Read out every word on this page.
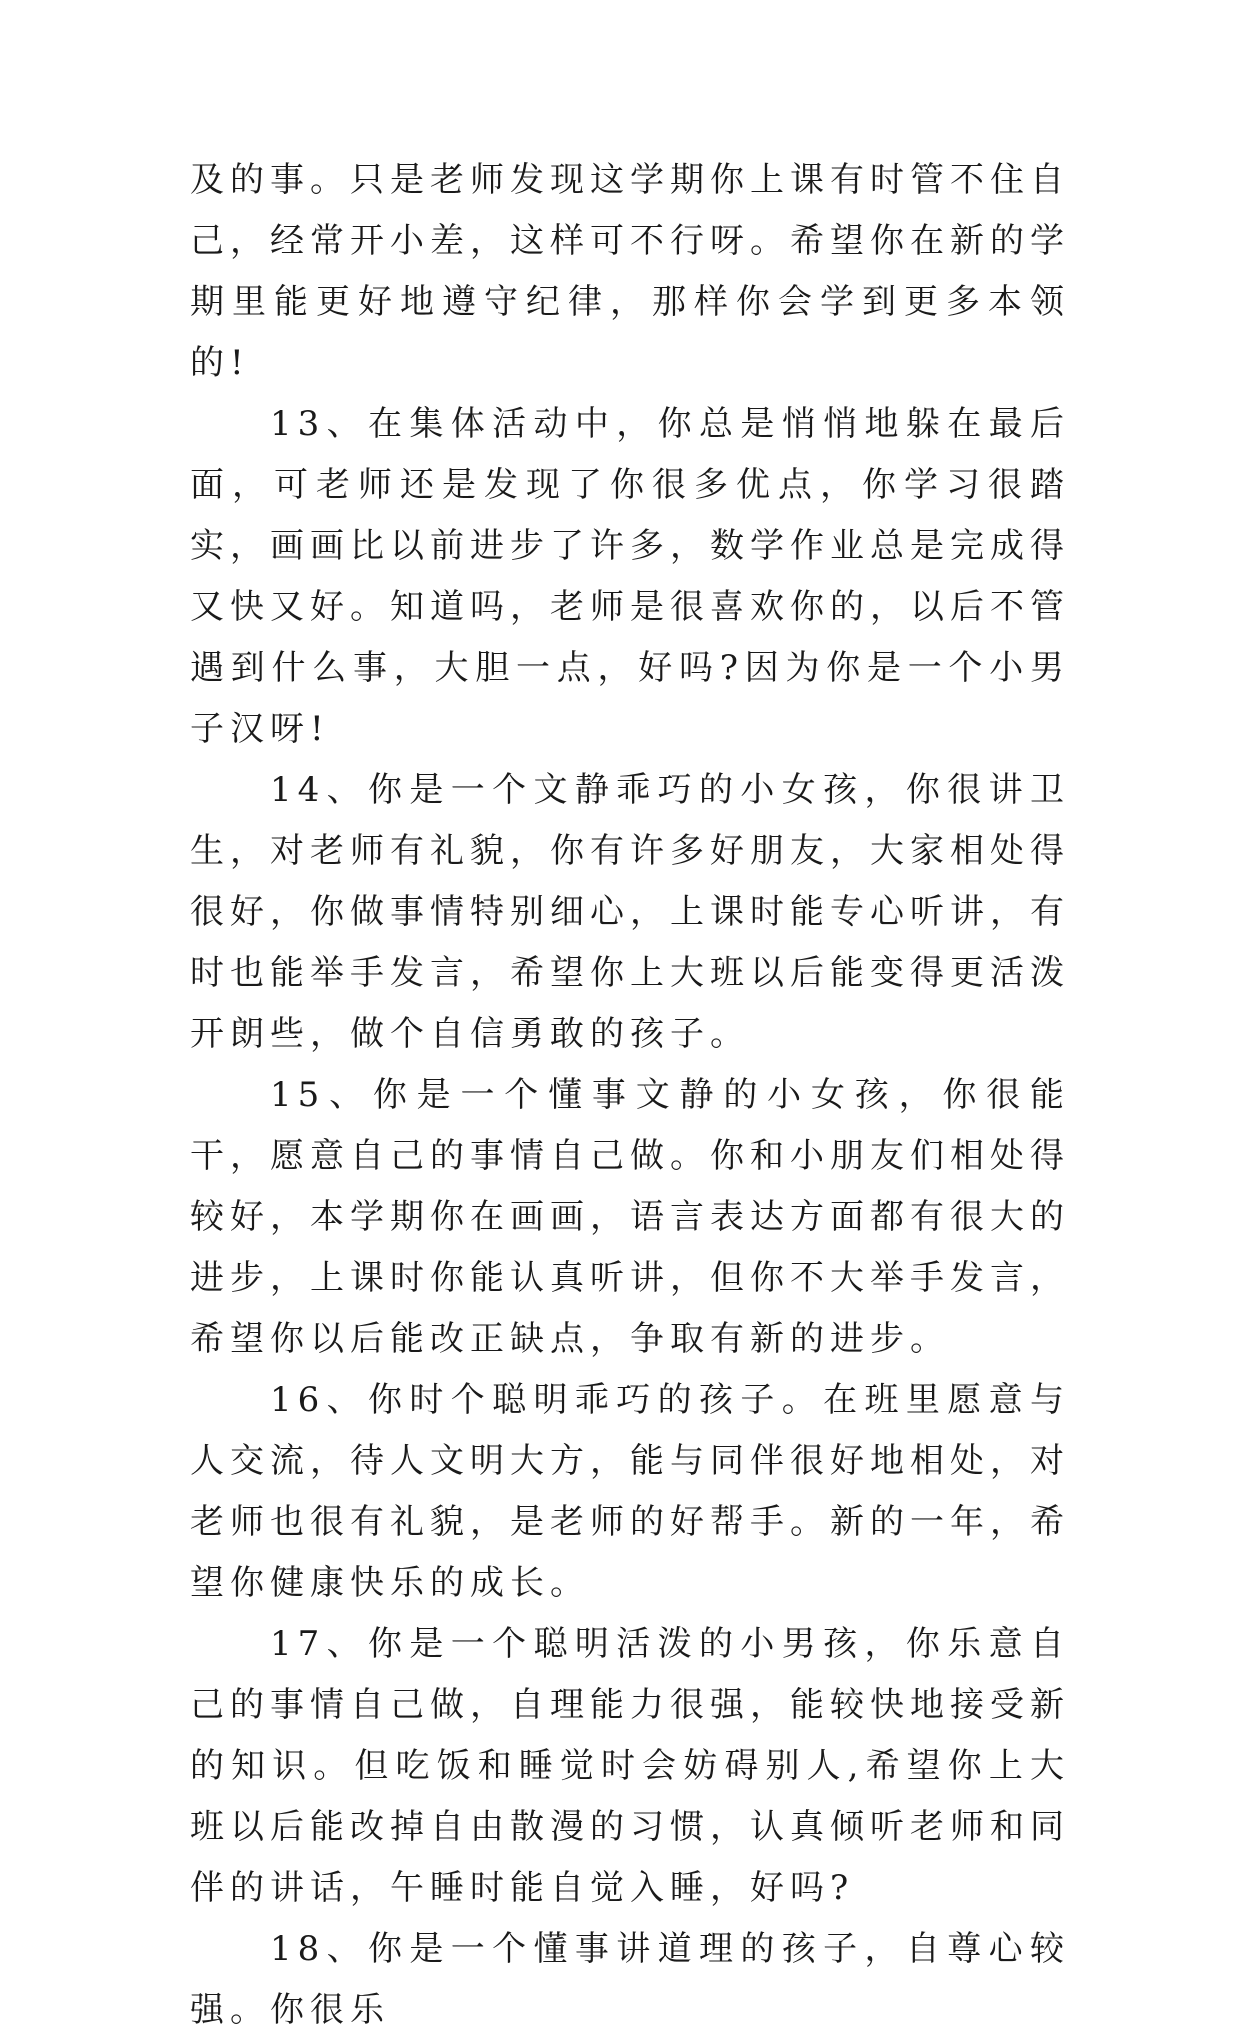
及的事。只是老师发现这学期你上课有时管不住自己，经常开小差，这样可不行呀。希望你在新的学期里能更好地遵守纪律，那样你会学到更多本领的!

13、在集体活动中，你总是悄悄地躲在最后面，可老师还是发现了你很多优点，你学习很踏实，画画比以前进步了许多，数学作业总是完成得又快又好。知道吗，老师是很喜欢你的，以后不管遇到什么事，大胆一点，好吗?因为你是一个小男子汉呀!

14、你是一个文静乖巧的小女孩，你很讲卫生，对老师有礼貌，你有许多好朋友，大家相处得很好，你做事情特别细心，上课时能专心听讲，有时也能举手发言，希望你上大班以后能变得更活泼开朗些，做个自信勇敢的孩子。

15、你是一个懂事文静的小女孩，你很能干，愿意自己的事情自己做。你和小朋友们相处得较好，本学期你在画画，语言表达方面都有很大的进步，上课时你能认真听讲，但你不大举手发言，希望你以后能改正缺点，争取有新的进步。

16、你时个聪明乖巧的孩子。在班里愿意与人交流，待人文明大方，能与同伴很好地相处，对老师也很有礼貌，是老师的好帮手。新的一年，希望你健康快乐的成长。

17、你是一个聪明活泼的小男孩，你乐意自己的事情自己做，自理能力很强，能较快地接受新的知识。但吃饭和睡觉时会妨碍别人,希望你上大班以后能改掉自由散漫的习惯，认真倾听老师和同伴的讲话，午睡时能自觉入睡，好吗?

18、你是一个懂事讲道理的孩子，自尊心较强。你很乐
